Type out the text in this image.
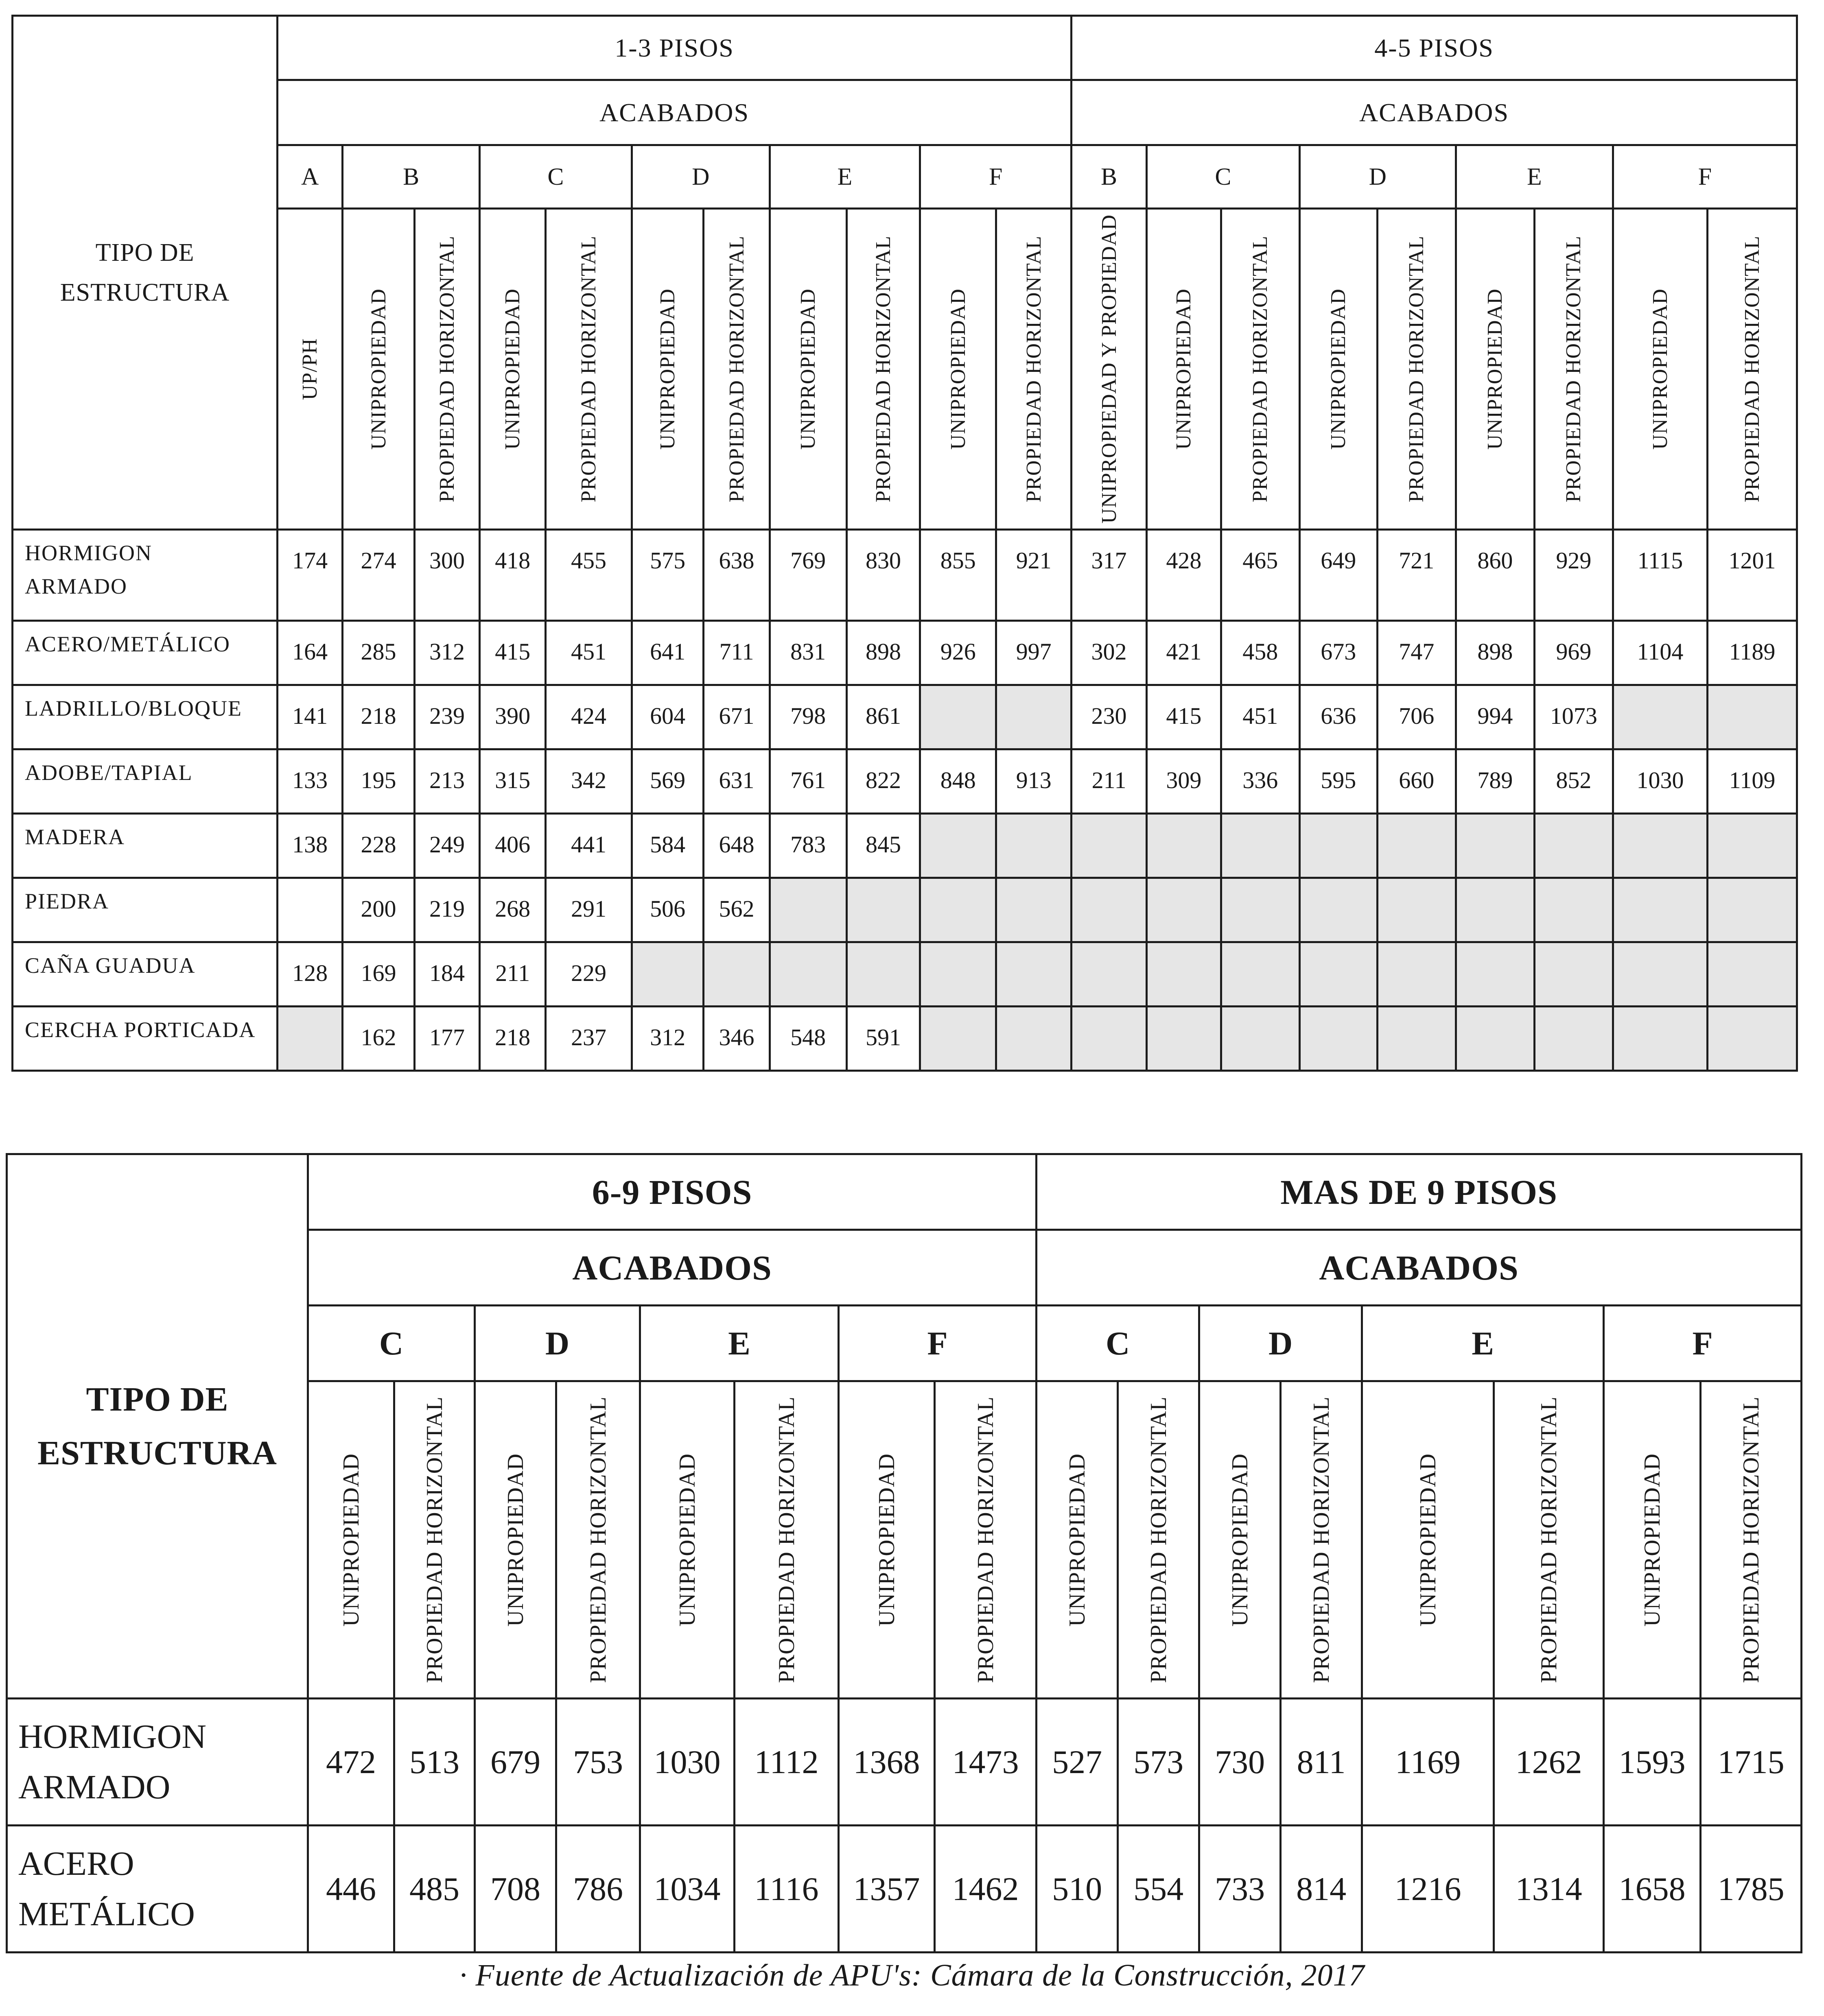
TIPO DE
ESTRUCTURA	1-3 PISOS											4-5 PISOS								
	ACABADOS											ACABADOS								
	A	B		C		D		E		F		B	C		D		E		F	

	UP/PH	UNIPROPIEDAD	PROPIEDAD HORIZONTAL	UNIPROPIEDAD	PROPIEDAD HORIZONTAL	UNIPROPIEDAD	PROPIEDAD HORIZONTAL	UNIPROPIEDAD	PROPIEDAD HORIZONTAL	UNIPROPIEDAD	PROPIEDAD HORIZONTAL	UNIPROPIEDAD Y PROPIEDAD	UNIPROPIEDAD	PROPIEDAD HORIZONTAL	UNIPROPIEDAD	PROPIEDAD HORIZONTAL	UNIPROPIEDAD	PROPIEDAD HORIZONTAL	UNIPROPIEDAD	PROPIEDAD HORIZONTAL

HORMIGON
ARMADO	174	274	300	418	455	575	638	769	830	855	921	317	428	465	649	721	860	929	1115	1201
ACERO/METÁLICO	164	285	312	415	451	641	711	831	898	926	997	302	421	458	673	747	898	969	1104	1189
LADRILLO/BLOQUE	141	218	239	390	424	604	671	798	861			230	415	451	636	706	994	1073		
ADOBE/TAPIAL	133	195	213	315	342	569	631	761	822	848	913	211	309	336	595	660	789	852	1030	1109
MADERA	138	228	249	406	441	584	648	783	845											
PIEDRA		200	219	268	291	506	562													
CAÑA GUADUA	128	169	184	211	229															
CERCHA PORTICADA		162	177	218	237	312	346	548	591											
TIPO DE
ESTRUCTURA	6-9 PISOS								MAS DE 9 PISOS							
	ACABADOS								ACABADOS							
	C		D		E		F		C		D		E		F	

	UNIPROPIEDAD	PROPIEDAD HORIZONTAL	UNIPROPIEDAD	PROPIEDAD HORIZONTAL	UNIPROPIEDAD	PROPIEDAD HORIZONTAL	UNIPROPIEDAD	PROPIEDAD HORIZONTAL	UNIPROPIEDAD	PROPIEDAD HORIZONTAL	UNIPROPIEDAD	PROPIEDAD HORIZONTAL	UNIPROPIEDAD	PROPIEDAD HORIZONTAL	UNIPROPIEDAD	PROPIEDAD HORIZONTAL

HORMIGON
ARMADO	472	513	679	753	1030	1112	1368	1473	527	573	730	811	1169	1262	1593	1715
ACERO
METÁLICO	446	485	708	786	1034	1116	1357	1462	510	554	733	814	1216	1314	1658	1785
· Fuente de Actualización de APU's: Cámara de la Construcción, 2017
